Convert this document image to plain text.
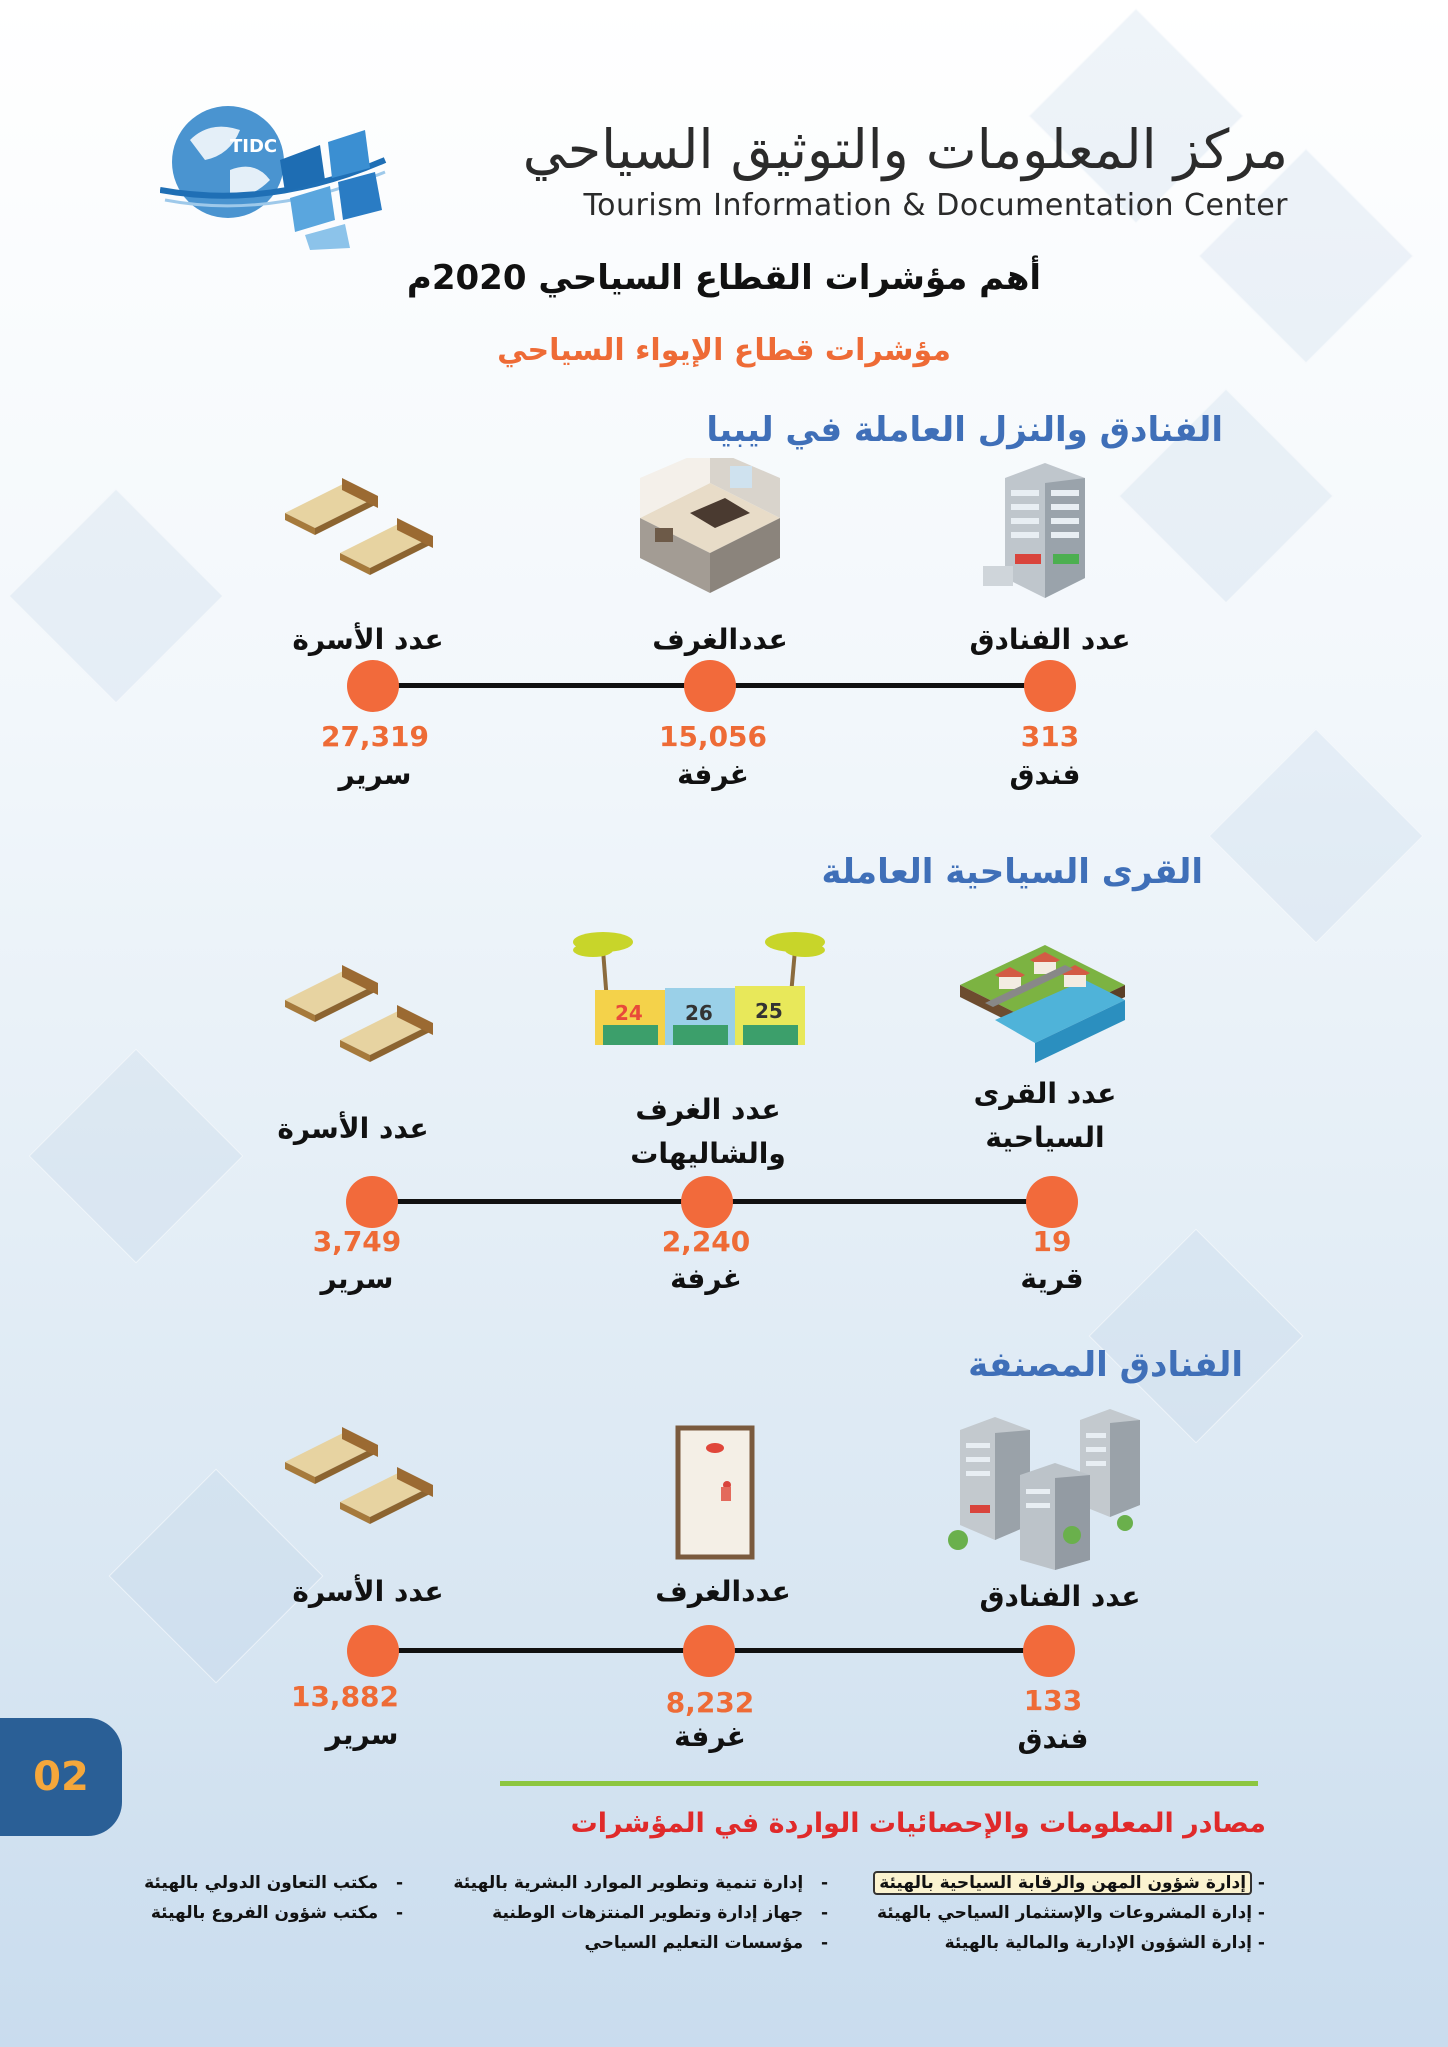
TIDC	مركز المعلومات والتوثيق السياحي
Tourism Information & Documentation Center
أهم مؤشرات القطاع السياحي 2020م
مؤشرات قطاع الإيواء السياحي
الفنادق والنزل العاملة في ليبيا
عدد الفنادق
عددالغرف
عدد الأسرة
313
15,056
27,319
فندق
غرفة
سرير
القرى السياحية العاملة
24 26 25
عدد القرى السياحية
عدد الغرف والشاليهات
عدد الأسرة
19
2,240
3,749
قرية
غرفة
سرير
الفنادق المصنفة
عدد الفنادق
عددالغرف
عدد الأسرة
133
8,232
13,882
فندق
غرفة
سرير
02
مصادر المعلومات والإحصائيات الواردة في المؤشرات
- إدارة شؤون المهن والرقابة السياحية بالهيئة
- إدارة المشروعات والإستثمار السياحي بالهيئة
- إدارة الشؤون الإدارية والمالية بالهيئة
-   إدارة تنمية وتطوير الموارد البشرية بالهيئة
-   جهاز إدارة وتطوير المنتزهات الوطنية
-   مؤسسات التعليم السياحي
-   مكتب التعاون الدولي بالهيئة
-   مكتب شؤون الفروع بالهيئة
